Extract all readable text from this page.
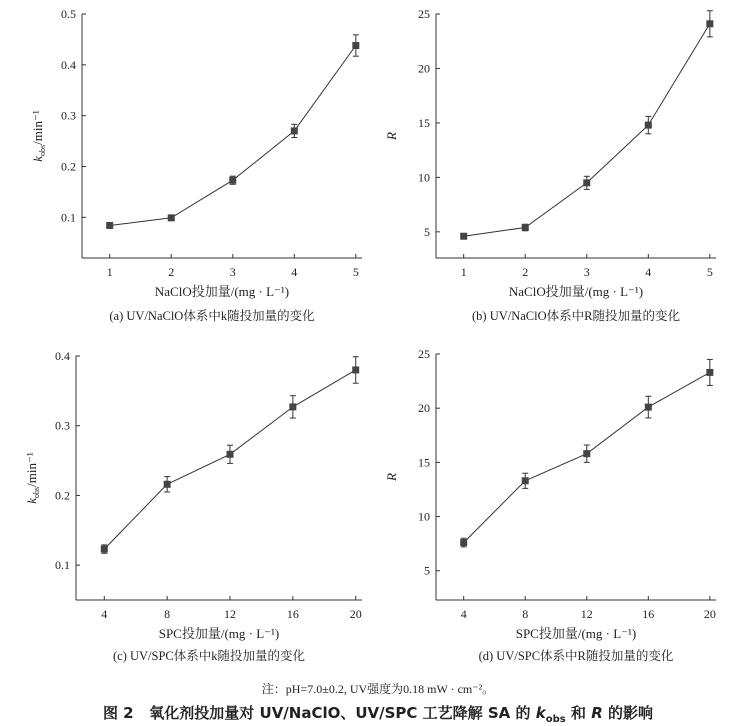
0.1
0.2
0.3
0.4
0.5
1	2	3	4	5
NaClO投加量/(mg · L⁻¹)
$k_{obs}/\min^{-1}$
(a) UV/NaClO体系中k随投加量的变化
5
10
15
20
25
1	2	3	4	5
NaClO投加量/(mg · L⁻¹)
R
(b) UV/NaClO体系中R随投加量的变化
0.1
0.2
0.3
0.4
4	8	12	16	20
SPC投加量/(mg · L⁻¹)
$k_{obs}/\min^{-1}$
(c) UV/SPC体系中k随投加量的变化
5
10
15
20
25
4	8	12	16	20
SPC投加量/(mg · L⁻¹)
R
(d) UV/SPC体系中R随投加量的变化
注：pH=7.0±0.2, UV强度为0.18 mW · cm⁻²。
图 2 氧化剂投加量对 UV/NaClO、UV/SPC 工艺降解 SA 的 $k_{obs}$ 和 R 的影响
